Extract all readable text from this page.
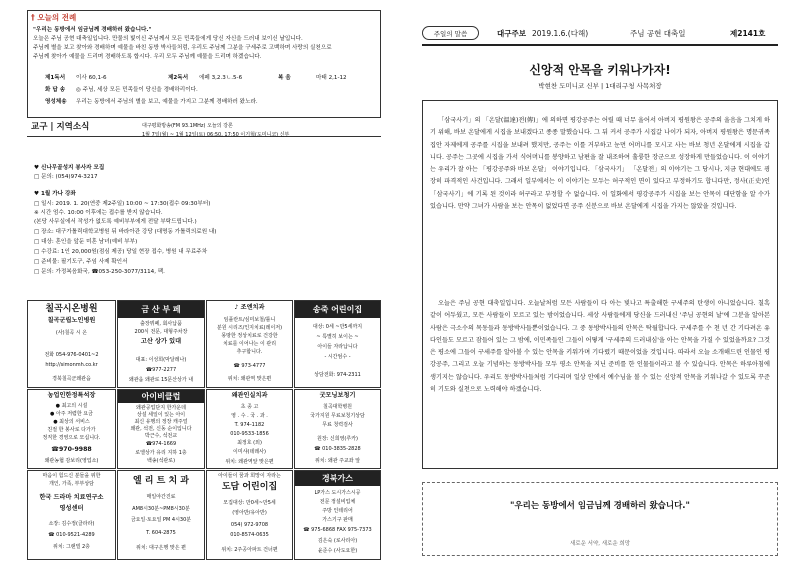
† 오늘의 전례
"우리는 동방에서 임금님께 경배하러 왔습니다."
오늘은 주님 공현 대축일입니다. 만물의 빛이신 주님께서 모든 민족들에게 당신 자신을 드러내 보이신 날입니다.
주님께 별을 보고 찾아와 경배하며 예물을 바친 동방 박사들처럼, 우리도 주님께 그분을 구세주로 고백하며 사랑의 실천으로
주님께 찾아가 예물을 드리며 경배하도록 합시다. 우리 모두 주님께 예물을 드리며 하겠습니다.
제1독서 이사 60,1-6	제2독서 에페 3,2.3ㄴ.5-6	복 음	마태 2,1-12
화 답 송 ◎ 주님, 세상 모든 민족들이 당신을 경배하리이다.
영성체송 우리는 동방에서 주님의 별을 보고, 예물을 가지고 그분께 경배하러 왔노라.
교구 | 지역소식	대구평화방송(FM 93.1MHz) 오늘의 강론
1월 7일(월) ~ 1월 12일(토) 06:50, 17:50 이기혁(도미니코) 신부
♥ 신나무골성지 봉사자 모집
□ 문의: (054)974-3217
♥ 1월 가나 강좌
□ 일시: 2019. 1. 20(연중 제2주일) 10:00 ~ 17:30(접수 09:30부터)
※ 시간 엄수. 10:00 이후에는 접수를 받지 않습니다.
(본당 사무실에서 작성가 없도록 예비부부에게 전달 부탁드립니다.)
□ 장소: 대구가톨릭대학교병원 뒤 바라아관 강당 (대명동 가톨릭의료원 내)
□ 대상: 혼인을 앞둔 미혼 남녀(예비 부부)
□ 수강료: 1인 20,000원(점심 제공) 당일 현장 접수, 병원 내 무료주차
□ 준비물: 필기도구, 주임 사제 확인서
□ 문의: 가정복음화국, ☎053-250-3077/3114, 팩.
칠곡시온병원
칠곡군립노인병원
(사)칠곡 시 온
전화 054-976-0401~2
http://simonmh.co.kr
경북칠곡군왜관읍
금 산 부 페
출장뷔페, 회사납품
200식 전문, 대형주차장
고산 상가 있대
대표: 이성희(막달레나)
☎977-2277
왜관읍 왜관로 15문산상가 내
♪ 조엔치과
임플란트/심미보철/틀니
분원 시리즈/인지치료(레이저)
몽땅한 정상치료로 건강한
치료를 이어나는 이 관리
추구합니다.
☎ 973-4777
위치: 왜관역 맞은편
송죽 어린이집
대상: 0세 ~만5세까지
~ 특별히 보이는 ~
아이들 자라납니다
- 시간엄수 -
상담전화: 974-2311
농업인한정특석장
● 최고의 시설
● 아주 저렴한 요금
● 최상의 서비스
친절 한 봉사로 다가가
정직한 경영으로 모십니다.
☎970-9988
왜관농협 감보리(영업소)
아이비클럽
왜관공업단지 한가운데
상설 세일이 있는 아이
최신 유행의 정장 캐주얼
왜관, 석전, 신동 순이입니다
박근수, 석전교
☎974-1669
로엘상가 유리 지하 1층
백송(석관로)
왜관인실치과
초 종 고
영 . 수 . 국 . 과 .
T. 974-1182
010-9533-1856
최정호 (외)
이미샤(데레사)
위치: 왜관역앞 맞은편
굿모닝보청기
칠곡대학병원
국가지원 무료보청기상담
무료 청력검사
원장: 신희영(루카)
☎ 010-3835-2828
위치: 왜관 주교좌 앞
마음이 힘드신 분들을 위한
개인, 가족, 부부상담
한국 드라마 치료연구소
영성센터
소장: 김수정(클라라)
☎ 010-9521-4289
위치: 그랜빌 2층
엘 리 트 치 과
매일야간진료
AM8시30분~PM8시30분
금요일·토요일 PM 4시30분
T. 604-2875
위치: 대구은행 맞은 편
아이들이 꿈과 희망이 자라는
도담 어린이집
모집대상: 만0세~만5세
(영아반/유아반)
054) 972-9708
010-8574-0635
위치: 2주공아파트 건너편
경북가스
LP가스 도시가스시공
전문 정설비업체
주방 인테리어
가스기구 판매
☎ 975-6868 FAX 975-7373
김은숙 (로사리아)
윤준수 (사도요한)
주일의 말씀	대구주보 2019.1.6.(다해)	주님 공현 대축일	제2141호
신앙적 안목을 키워나가자!
박현찬 도미니코 신부 | 1대리구청 사목처장
「삼국사기」의 「온달(溫達)전(傳)」에 의하면 평강공주는 어릴 때 너무 울어서 아버지 평원왕은 공주의 울음을 그치게 하기 위해, 바보 온달에게 시집을 보내겠다고 종종 말했습니다. 그 뒤 커서 공주가 시집갈 나이가 되자, 아버지 평원왕은 명문귀족 집안 자제에게 공주를 시집을 보내려 했지만, 공주는 이를 거부하고 눈먼 어머니를 모시고 사는 바보 청년 온달에게 시집을 갑니다. 공주는 그곳에 시집을 가서 식어머니를 봉양하고 남편을 잘 내조하여 훌륭한 장군으로 성장하게 만들었습니다. 이 이야기는 우리가 잘 아는 「평강공주와 바보 온달」 이야기입니다. 「삼국사기」 「온달전」의 이야기는 그 당시나, 지금 현대에도 굉장히 파격적인 사건입니다. 그래서 일부에서는 이 이야기는 모두는 허구적인 면이 있다고 부정하기도 합니다만, 정사(正史)인 「삼국사기」에 기록 된 것이라 허구라고 부정할 수 없습니다. 이 일화에서 평강공주가 시집을 보는 안목이 대단함을 알 수가 있습니다. 만약 그녀가 사람을 보는 안목이 없었다면 공주 신분으로 바보 온달에게 시집을 가지는 않았을 것입니다.
오늘은 주님 공현 대축일입니다. 오늘날처럼 모든 사람들이 다 아는 빛나고 특출해한 구세주의 탄생이 아니었습니다. 칠흑 같이 어두웠고, 모든 사람들이 모르고 있는 밤이었습니다. 세상 사람들에게 당신을 드러내신 '주님 공현의 날'에 그분을 알아본 사람은 극소수의 목동들과 동방박사들뿐이었습니다. 그 중 동방박사들의 안목은 탁월합니다. 구세주를 수 천 년 간 기다려온 유다인들도 모르고 잠들어 있는 그 밤에, 이민족들인 그들이 어떻게 '구세주의 드러내심'을 아는 안목을 가질 수 있었을까요? 그것은 평소에 그들이 구세주를 알아볼 수 있는 안목을 키워가며 기다렸기 때문이었을 것입니다. 따라서 오늘 소개해드린 인물인 평강공주, 그리고 오늘 기념하는 동방박사들 모두 평소 안목을 지닌 준비를 한 인물들이라고 볼 수 있습니다. 안목은 하루아침에 생기지는 않습니다. 우리도 동방박사들처럼 기다리며 일상 안에서 예수님을 볼 수 있는 신앙적 안목을 키워나갈 수 있도록 꾸준히 기도와 실천으로 노력해야 하겠습니다.
"우리는 동방에서 임금님께 경배하러 왔습니다."
새로운 서약, 새로운 희망
